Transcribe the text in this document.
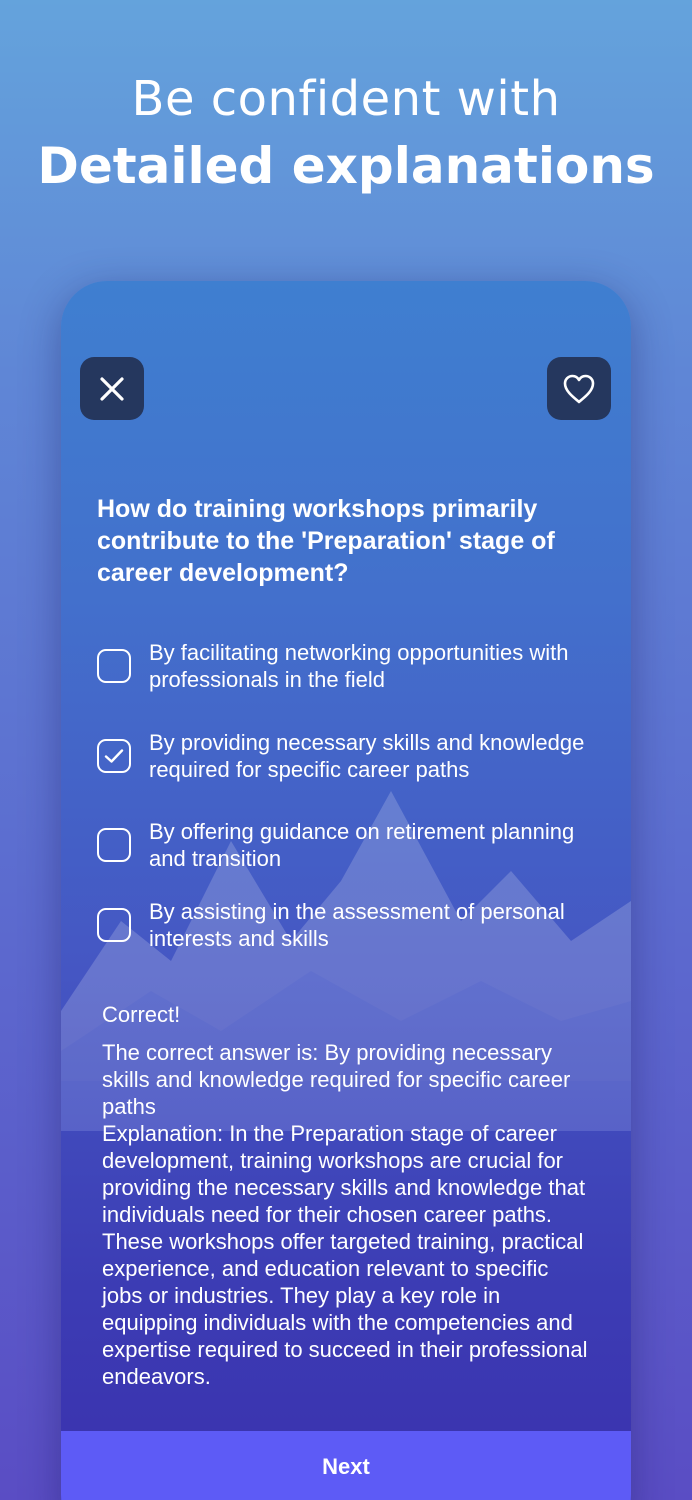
Be confident with
Detailed explanations
How do training workshops primarily contribute to the 'Preparation' stage of career development?
By facilitating networking opportunities with professionals in the field
By providing necessary skills and knowledge required for specific career paths
By offering guidance on retirement planning and transition
By assisting in the assessment of personal interests and skills
Correct!
The correct answer is: By providing necessary skills and knowledge required for specific career paths
Explanation: In the Preparation stage of career development, training workshops are crucial for providing the necessary skills and knowledge that individuals need for their chosen career paths. These workshops offer targeted training, practical experience, and education relevant to specific jobs or industries. They play a key role in equipping individuals with the competencies and expertise required to succeed in their professional endeavors.
Next
